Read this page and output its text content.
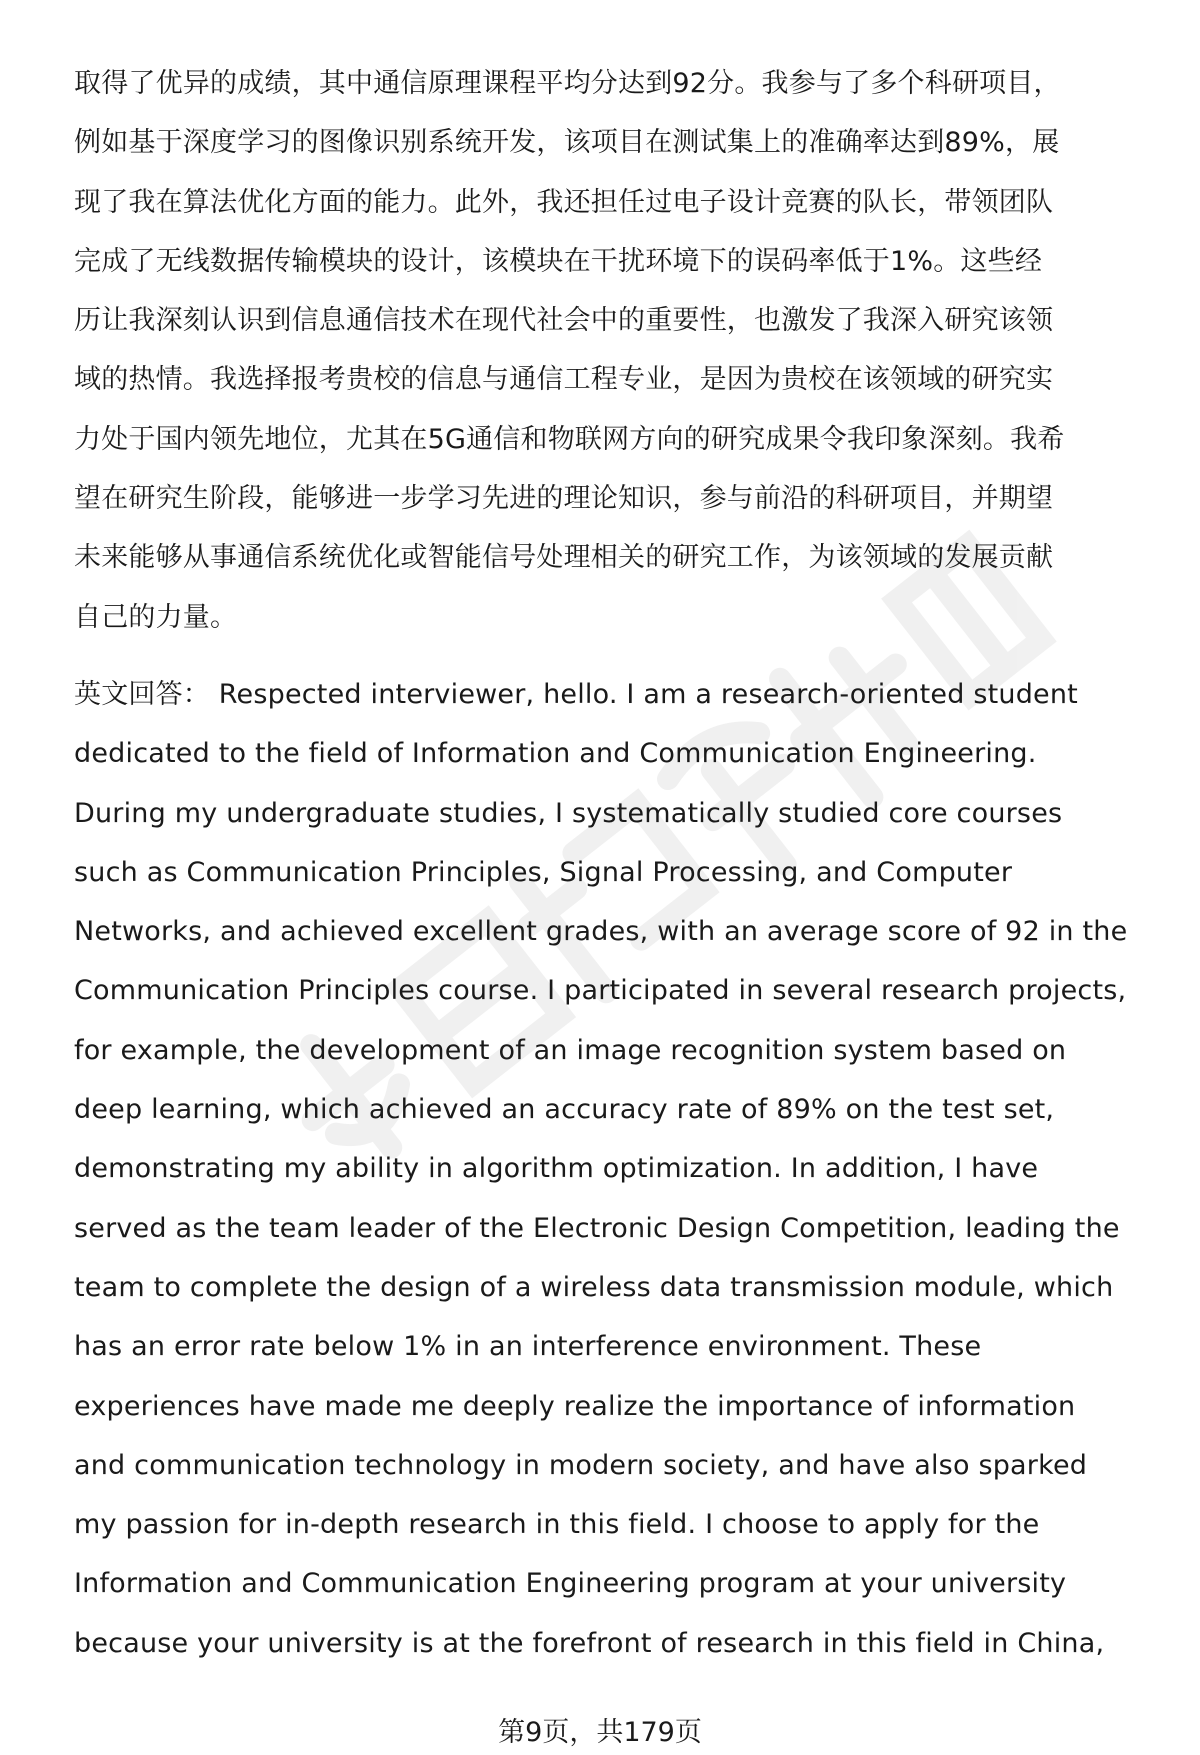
取得了优异的成绩，其中通信原理课程平均分达到92分。我参与了多个科研项目，
例如基于深度学习的图像识别系统开发，该项目在测试集上的准确率达到89%，展
现了我在算法优化方面的能力。此外，我还担任过电子设计竞赛的队长，带领团队
完成了无线数据传输模块的设计，该模块在干扰环境下的误码率低于1%。这些经
历让我深刻认识到信息通信技术在现代社会中的重要性，也激发了我深入研究该领
域的热情。我选择报考贵校的信息与通信工程专业，是因为贵校在该领域的研究实
力处于国内领先地位，尤其在5G通信和物联网方向的研究成果令我印象深刻。我希
望在研究生阶段，能够进一步学习先进的理论知识，参与前沿的科研项目，并期望
未来能够从事通信系统优化或智能信号处理相关的研究工作，为该领域的发展贡献
自己的力量。
英文回答： Respected interviewer, hello. I am a research-oriented student
dedicated to the field of Information and Communication Engineering.
During my undergraduate studies, I systematically studied core courses
such as Communication Principles, Signal Processing, and Computer
Networks, and achieved excellent grades, with an average score of 92 in the
Communication Principles course. I participated in several research projects,
for example, the development of an image recognition system based on
deep learning, which achieved an accuracy rate of 89% on the test set,
demonstrating my ability in algorithm optimization. In addition, I have
served as the team leader of the Electronic Design Competition, leading the
team to complete the design of a wireless data transmission module, which
has an error rate below 1% in an interference environment. These
experiences have made me deeply realize the importance of information
and communication technology in modern society, and have also sparked
my passion for in-depth research in this field. I choose to apply for the
Information and Communication Engineering program at your university
because your university is at the forefront of research in this field in China,
第9页，共179页
